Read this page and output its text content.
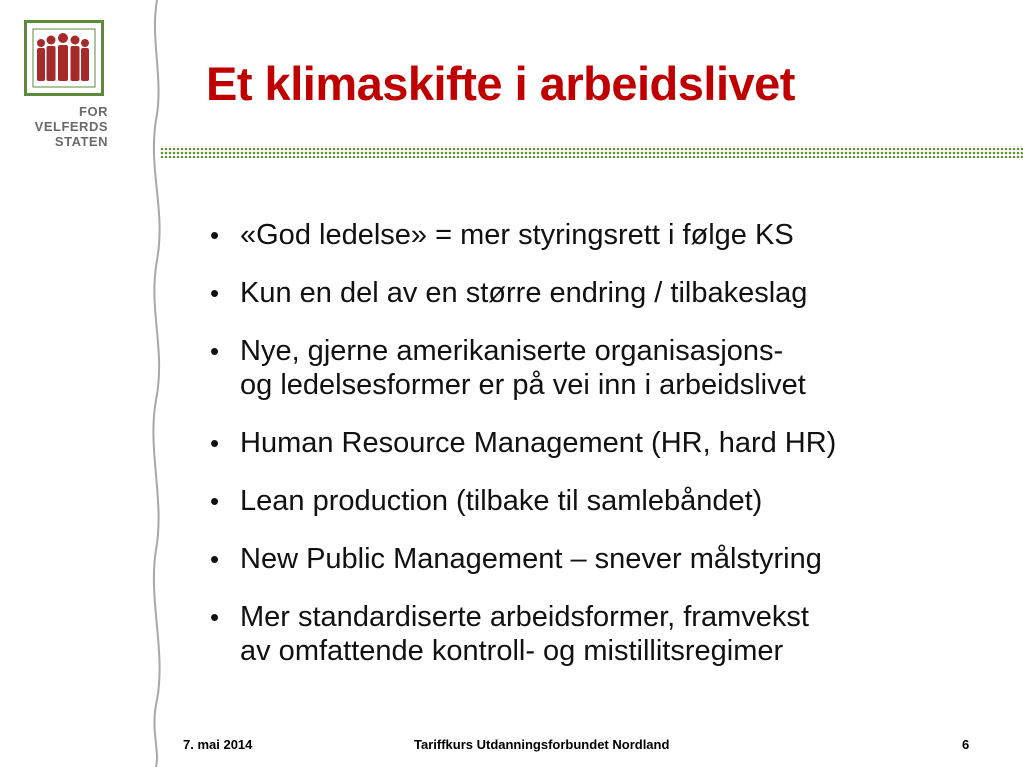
FOR
VELFERDS
STATEN
Et klimaskifte i arbeidslivet
• «God ledelse» = mer styringsrett i følge KS
• Kun en del av en større endring / tilbakeslag
• Nye, gjerne amerikaniserte organisasjons-
og ledelsesformer er på vei inn i arbeidslivet
• Human Resource Management (HR, hard HR)
• Lean production (tilbake til samlebåndet)
• New Public Management – snever målstyring
• Mer standardiserte arbeidsformer, framvekst
av omfattende kontroll- og mistillitsregimer
7. mai 2014	Tariffkurs Utdanningsforbundet Nordland	6
